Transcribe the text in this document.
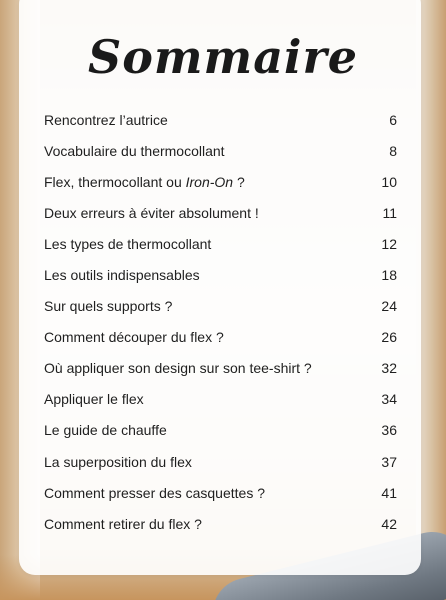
Sommaire
Rencontrez l’autrice	6
Vocabulaire du thermocollant	8
Flex, thermocollant ou Iron-On ?	10
Deux erreurs à éviter absolument !	11
Les types de thermocollant	12
Les outils indispensables	18
Sur quels supports ?	24
Comment découper du flex ?	26
Où appliquer son design sur son tee-shirt ?	32
Appliquer le flex	34
Le guide de chauffe	36
La superposition du flex	37
Comment presser des casquettes ?	41
Comment retirer du flex ?	42
